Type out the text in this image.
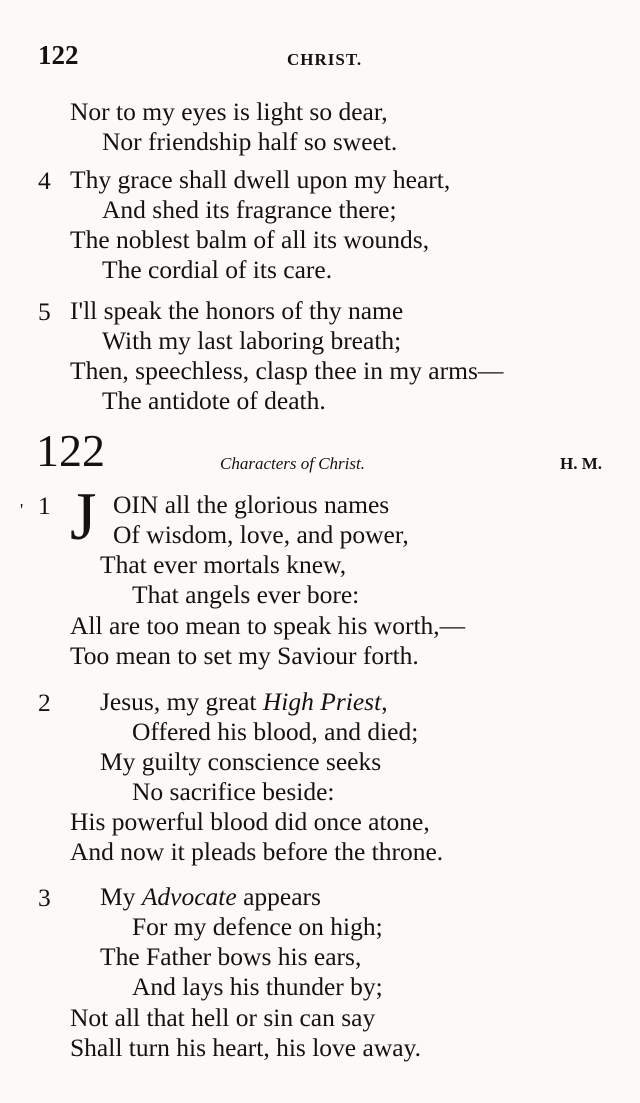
122	CHRIST.
Nor to my eyes is light so dear,
Nor friendship half so sweet.
4 Thy grace shall dwell upon my heart,
And shed its fragrance there;
The noblest balm of all its wounds,
The cordial of its care.
5 I'll speak the honors of thy name
With my last laboring breath;
Then, speechless, clasp thee in my arms—
The antidote of death.
122	Characters of Christ.	H. M.
' 1 J OIN all the glorious names
Of wisdom, love, and power,
That ever mortals knew,
That angels ever bore:
All are too mean to speak his worth,—
Too mean to set my Saviour forth.
2 Jesus, my great High Priest,
Offered his blood, and died;
My guilty conscience seeks
No sacrifice beside:
His powerful blood did once atone,
And now it pleads before the throne.
3 My Advocate appears
For my defence on high;
The Father bows his ears,
And lays his thunder by;
Not all that hell or sin can say
Shall turn his heart, his love away.
